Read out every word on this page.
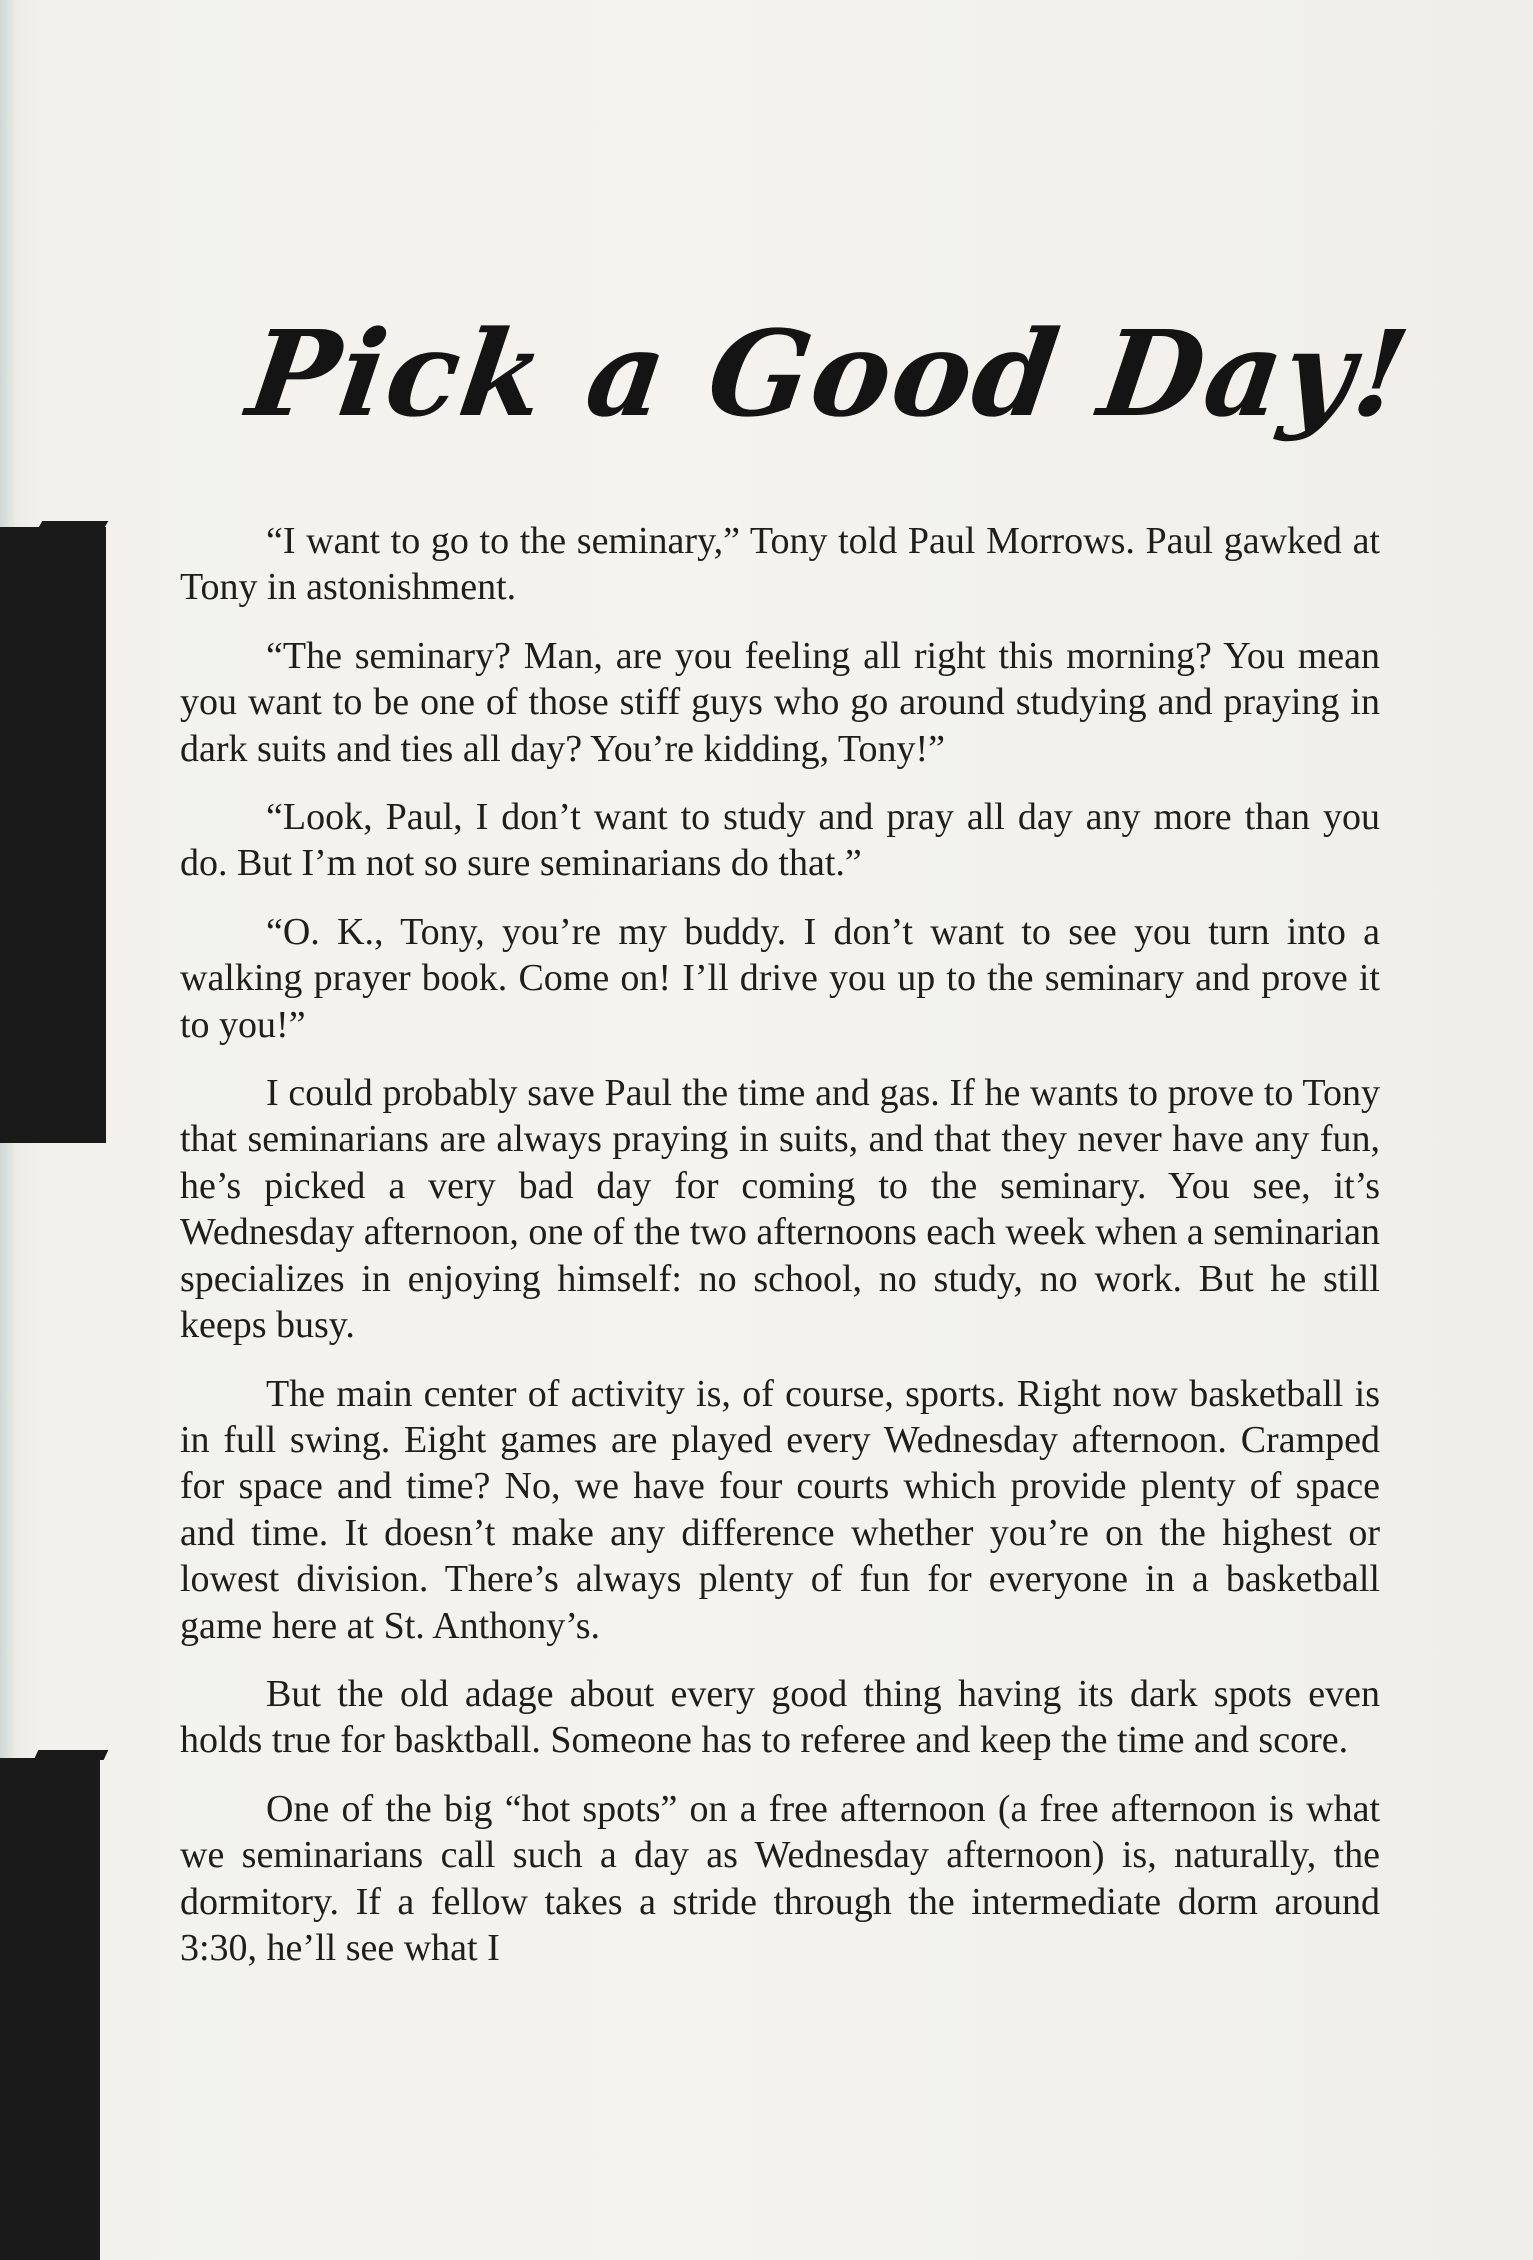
Pick a Good Day!

“I want to go to the seminary,” Tony told Paul Morrows. Paul gawked at Tony in astonishment.

“The seminary? Man, are you feeling all right this morning? You mean you want to be one of those stiff guys who go around studying and praying in dark suits and ties all day? You’re kidding, Tony!”

“Look, Paul, I don’t want to study and pray all day any more than you do. But I’m not so sure seminarians do that.”

“O. K., Tony, you’re my buddy. I don’t want to see you turn into a walking prayer book. Come on! I’ll drive you up to the seminary and prove it to you!”

I could probably save Paul the time and gas. If he wants to prove to Tony that seminarians are always praying in suits, and that they never have any fun, he’s picked a very bad day for coming to the seminary. You see, it’s Wednesday afternoon, one of the two afternoons each week when a seminarian specializes in enjoying himself: no school, no study, no work. But he still keeps busy.

The main center of activity is, of course, sports. Right now basketball is in full swing. Eight games are played every Wednesday afternoon. Cramped for space and time? No, we have four courts which provide plenty of space and time. It doesn’t make any difference whether you’re on the highest or lowest division. There’s always plenty of fun for everyone in a basketball game here at St. Anthony’s.

But the old adage about every good thing having its dark spots even holds true for basktball. Someone has to referee and keep the time and score.

One of the big “hot spots” on a free afternoon (a free afternoon is what we seminarians call such a day as Wednesday afternoon) is, naturally, the dormitory. If a fellow takes a stride through the intermediate dorm around 3:30, he’ll see what I
